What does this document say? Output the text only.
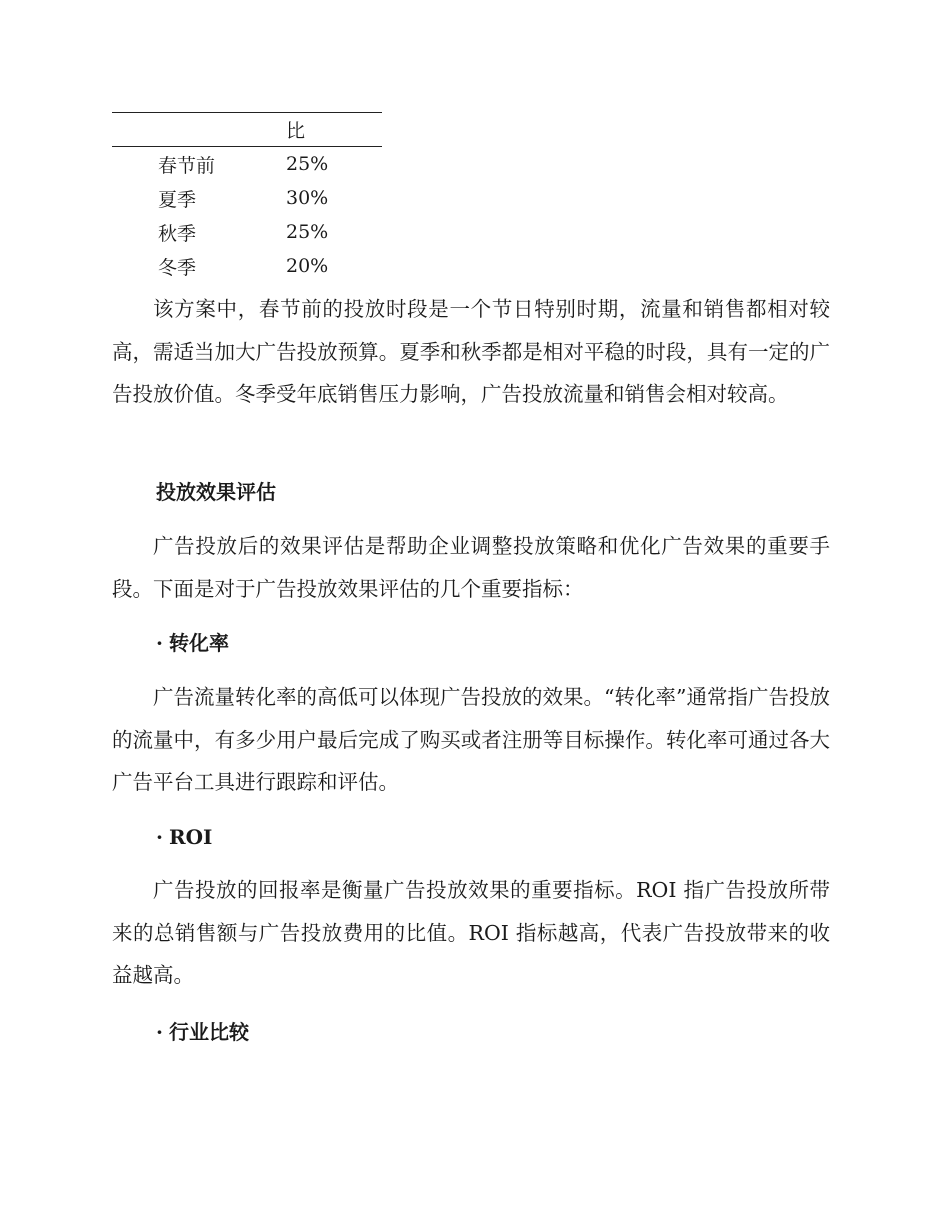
	比
春节前	25%
夏季	30%
秋季	25%
冬季	20%

该方案中，春节前的投放时段是一个节日特别时期，流量和销售都相对较高，需适当加大广告投放预算。夏季和秋季都是相对平稳的时段，具有一定的广告投放价值。冬季受年底销售压力影响，广告投放流量和销售会相对较高。

投放效果评估

广告投放后的效果评估是帮助企业调整投放策略和优化广告效果的重要手段。下面是对于广告投放效果评估的几个重要指标：

· 转化率

广告流量转化率的高低可以体现广告投放的效果。“转化率”通常指广告投放的流量中，有多少用户最后完成了购买或者注册等目标操作。转化率可通过各大广告平台工具进行跟踪和评估。

· ROI

广告投放的回报率是衡量广告投放效果的重要指标。ROI 指广告投放所带来的总销售额与广告投放费用的比值。ROI 指标越高，代表广告投放带来的收益越高。

· 行业比较
